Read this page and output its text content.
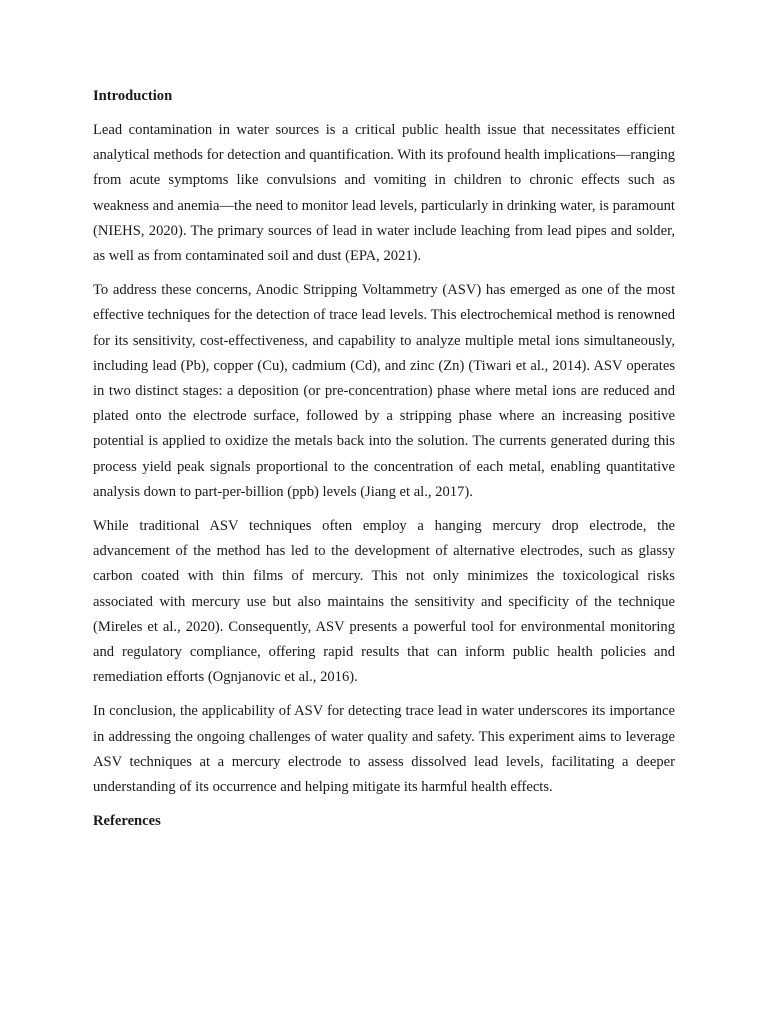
Introduction

Lead contamination in water sources is a critical public health issue that necessitates efficient analytical methods for detection and quantification. With its profound health implications—ranging from acute symptoms like convulsions and vomiting in children to chronic effects such as weakness and anemia—the need to monitor lead levels, particularly in drinking water, is paramount (NIEHS, 2020). The primary sources of lead in water include leaching from lead pipes and solder, as well as from contaminated soil and dust (EPA, 2021).

To address these concerns, Anodic Stripping Voltammetry (ASV) has emerged as one of the most effective techniques for the detection of trace lead levels. This electrochemical method is renowned for its sensitivity, cost-effectiveness, and capability to analyze multiple metal ions simultaneously, including lead (Pb), copper (Cu), cadmium (Cd), and zinc (Zn) (Tiwari et al., 2014). ASV operates in two distinct stages: a deposition (or pre-concentration) phase where metal ions are reduced and plated onto the electrode surface, followed by a stripping phase where an increasing positive potential is applied to oxidize the metals back into the solution. The currents generated during this process yield peak signals proportional to the concentration of each metal, enabling quantitative analysis down to part-per-billion (ppb) levels (Jiang et al., 2017).

While traditional ASV techniques often employ a hanging mercury drop electrode, the advancement of the method has led to the development of alternative electrodes, such as glassy carbon coated with thin films of mercury. This not only minimizes the toxicological risks associated with mercury use but also maintains the sensitivity and specificity of the technique (Mireles et al., 2020). Consequently, ASV presents a powerful tool for environmental monitoring and regulatory compliance, offering rapid results that can inform public health policies and remediation efforts (Ognjanovic et al., 2016).

In conclusion, the applicability of ASV for detecting trace lead in water underscores its importance in addressing the ongoing challenges of water quality and safety. This experiment aims to leverage ASV techniques at a mercury electrode to assess dissolved lead levels, facilitating a deeper understanding of its occurrence and helping mitigate its harmful health effects.

References
